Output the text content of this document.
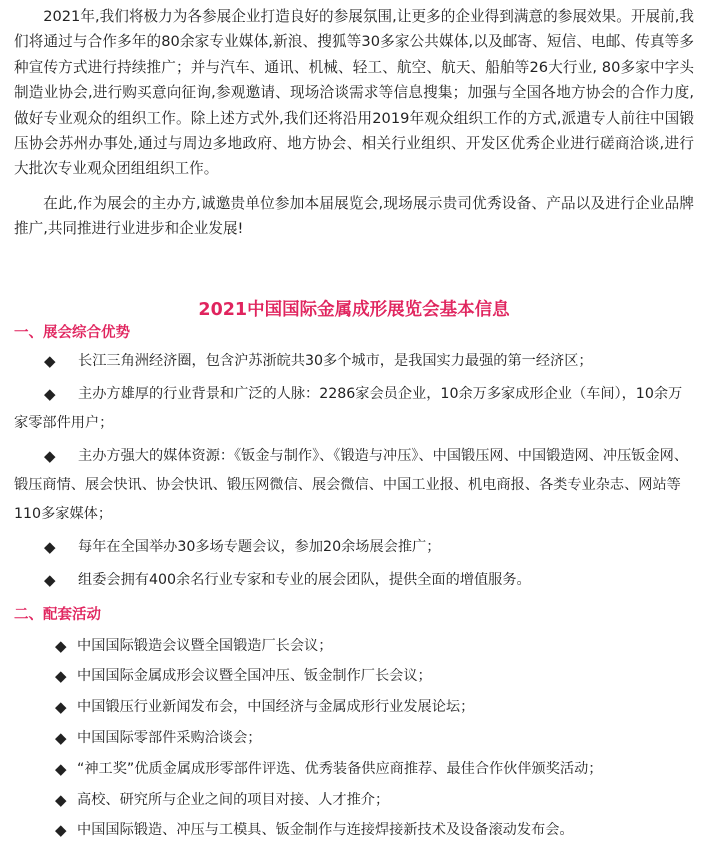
2021年,我们将极力为各参展企业打造良好的参展氛围,让更多的企业得到满意的参展效果。开展前,我们将通过与合作多年的80余家专业媒体,新浪、搜狐等30多家公共媒体,以及邮寄、短信、电邮、传真等多种宣传方式进行持续推广；并与汽车、通讯、机械、轻工、航空、航天、船舶等26大行业, 80多家中字头制造业协会,进行购买意向征询,参观邀请、现场洽谈需求等信息搜集；加强与全国各地方协会的合作力度,做好专业观众的组织工作。除上述方式外,我们还将沿用2019年观众组织工作的方式,派遣专人前往中国锻压协会苏州办事处,通过与周边多地政府、地方协会、相关行业组织、开发区优秀企业进行磋商洽谈,进行大批次专业观众团组组织工作。

在此,作为展会的主办方,诚邀贵单位参加本届展览会,现场展示贵司优秀设备、产品以及进行企业品牌推广,共同推进行业进步和企业发展!

2021中国国际金属成形展览会基本信息
一、展会综合优势
◆ 长江三角洲经济圈，包含沪苏浙皖共30多个城市，是我国实力最强的第一经济区；
◆ 主办方雄厚的行业背景和广泛的人脉：2286家会员企业，10余万多家成形企业（车间），10余万家零部件用户；
◆ 主办方强大的媒体资源：《钣金与制作》、《锻造与冲压》、中国锻压网、中国锻造网、冲压钣金网、锻压商情、展会快讯、协会快讯、锻压网微信、展会微信、中国工业报、机电商报、各类专业杂志、网站等110多家媒体；
◆ 每年在全国举办30多场专题会议，参加20余场展会推广；
◆ 组委会拥有400余名行业专家和专业的展会团队，提供全面的增值服务。
二、配套活动
◆ 中国国际锻造会议暨全国锻造厂长会议；
◆ 中国国际金属成形会议暨全国冲压、钣金制作厂长会议；
◆ 中国锻压行业新闻发布会，中国经济与金属成形行业发展论坛；
◆ 中国国际零部件采购洽谈会；
◆ “神工奖”优质金属成形零部件评选、优秀装备供应商推荐、最佳合作伙伴颁奖活动；
◆ 高校、研究所与企业之间的项目对接、人才推介；
◆ 中国国际锻造、冲压与工模具、钣金制作与连接焊接新技术及设备滚动发布会。
